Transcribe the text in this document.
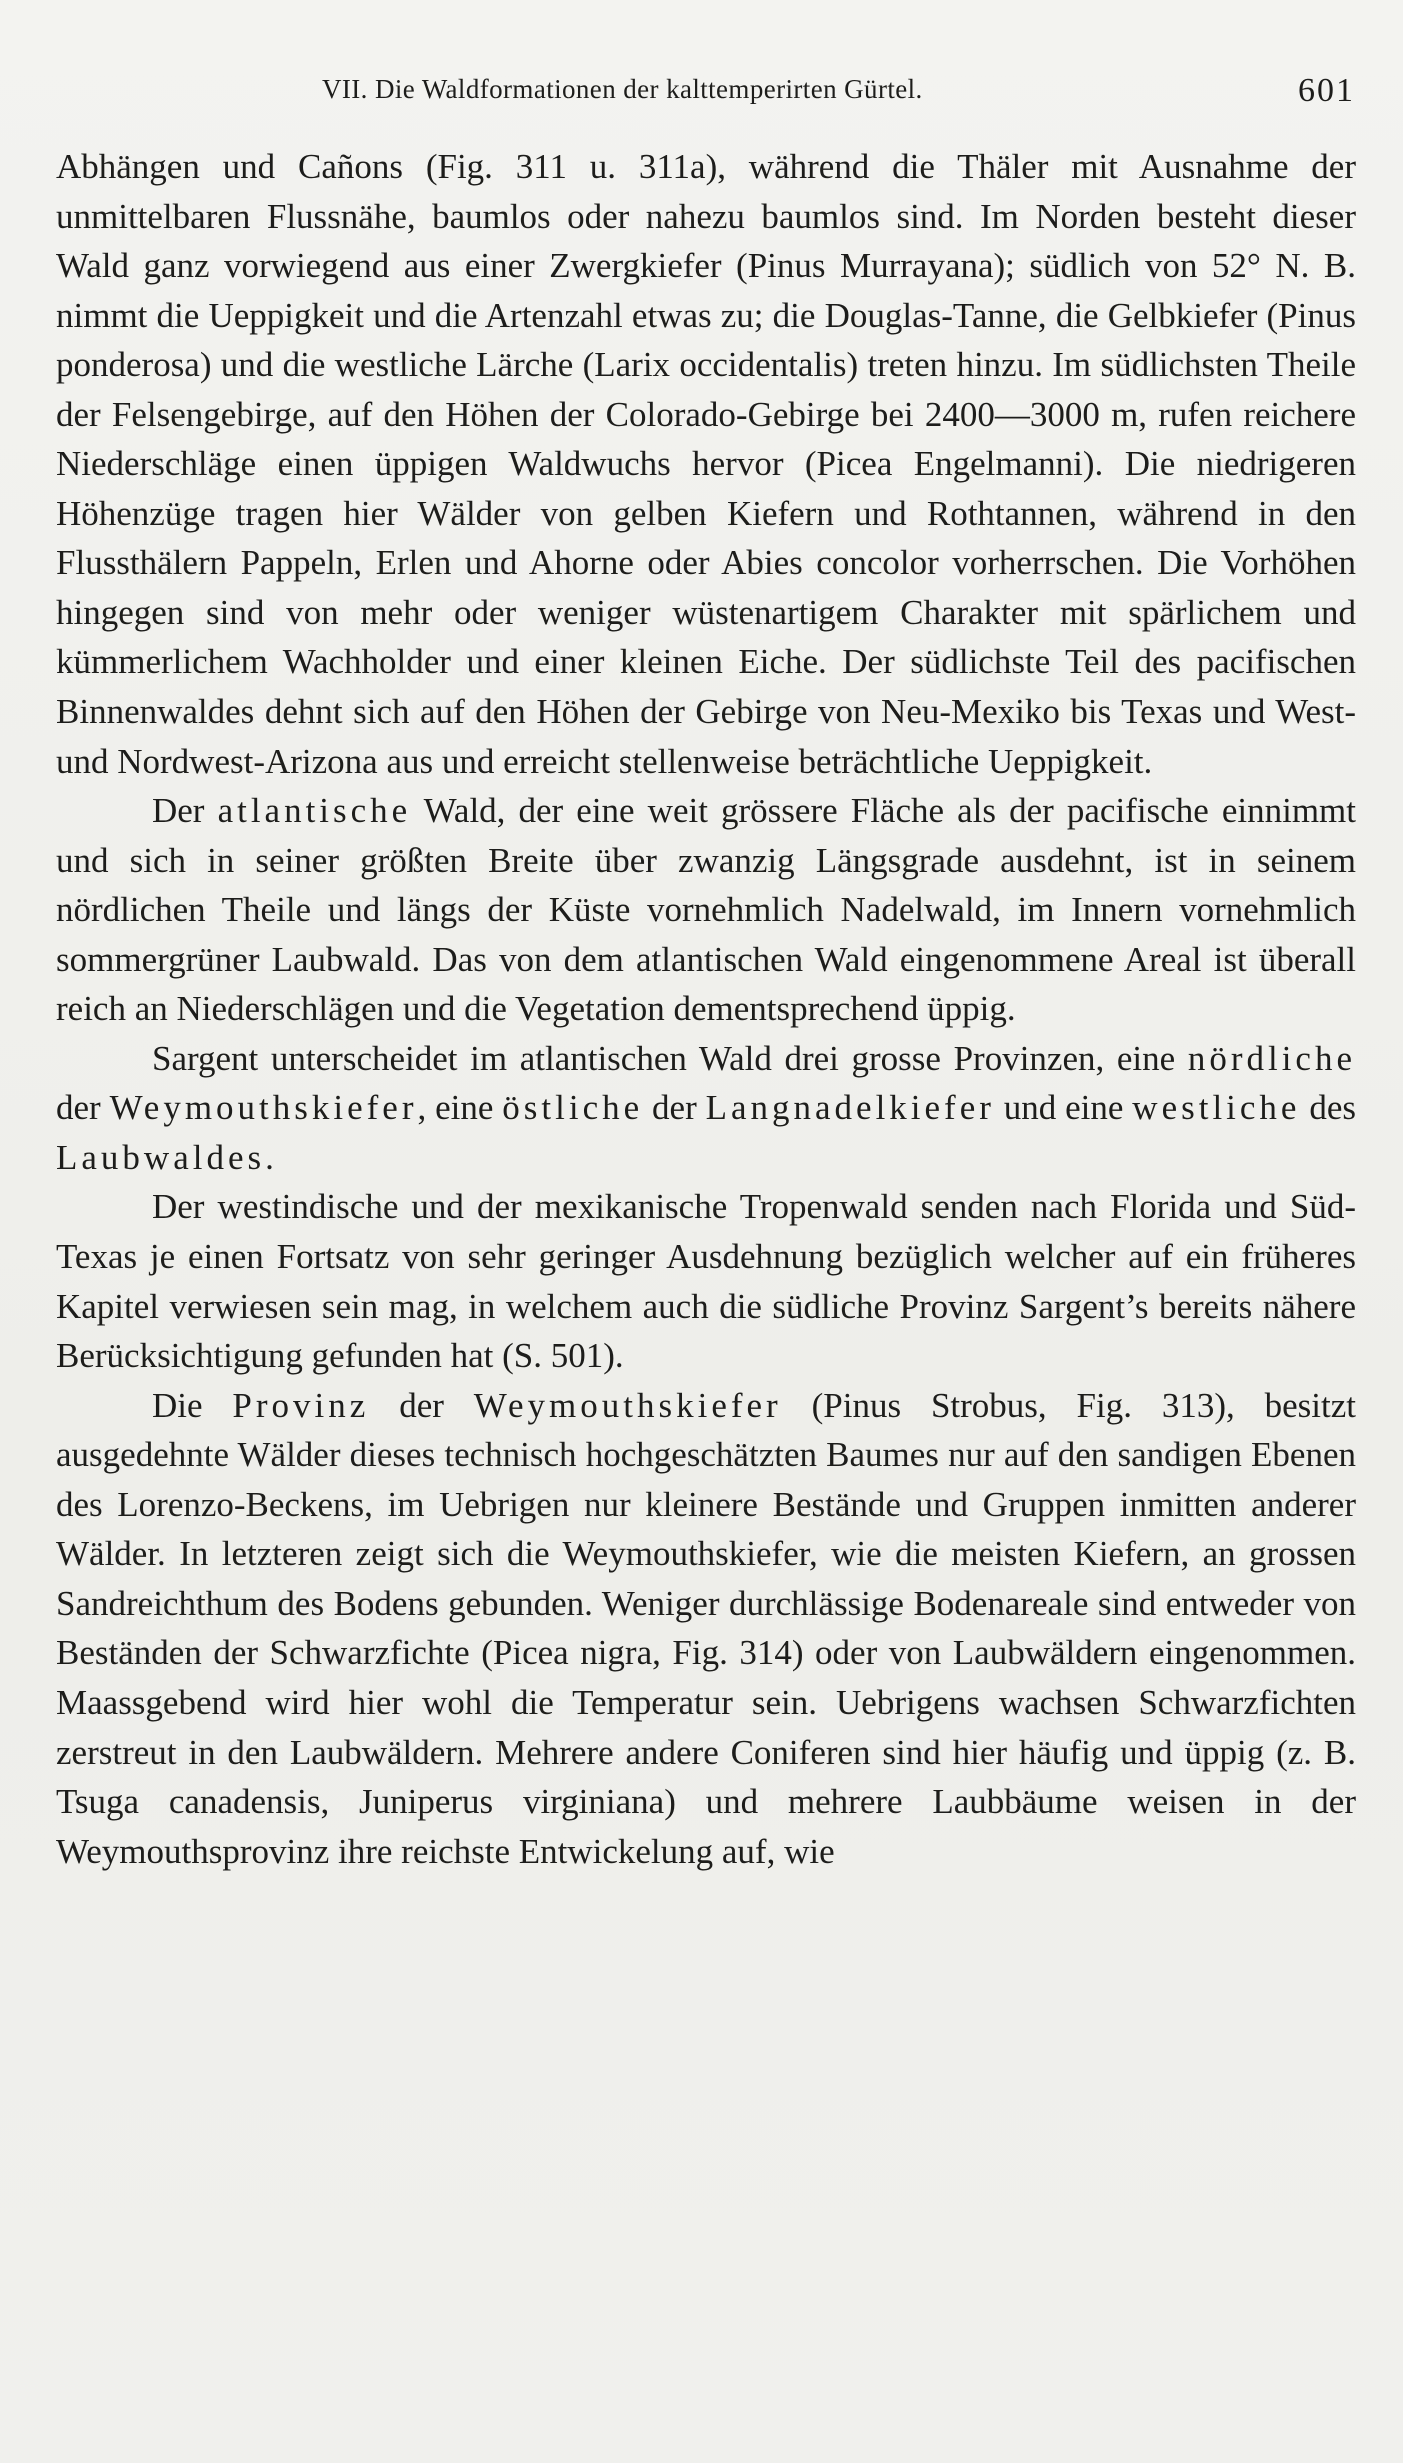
VII. Die Waldformationen der kalttemperirten Gürtel.	601

Abhängen und Cañons (Fig. 311 u. 311a), während die Thäler mit Ausnahme der unmittelbaren Flussnähe, baumlos oder nahezu baumlos sind. Im Norden besteht dieser Wald ganz vorwiegend aus einer Zwergkiefer (Pinus Murrayana); südlich von 52° N. B. nimmt die Ueppigkeit und die Artenzahl etwas zu; die Douglas-Tanne, die Gelbkiefer (Pinus ponderosa) und die westliche Lärche (Larix occidentalis) treten hinzu. Im südlichsten Theile der Felsengebirge, auf den Höhen der Colorado-Gebirge bei 2400—3000 m, rufen reichere Niederschläge einen üppigen Waldwuchs hervor (Picea Engelmanni). Die niedrigeren Höhenzüge tragen hier Wälder von gelben Kiefern und Rothtannen, während in den Flussthälern Pappeln, Erlen und Ahorne oder Abies concolor vorherrschen. Die Vorhöhen hingegen sind von mehr oder weniger wüstenartigem Charakter mit spärlichem und kümmerlichem Wachholder und einer kleinen Eiche. Der südlichste Teil des pacifischen Binnenwaldes dehnt sich auf den Höhen der Gebirge von Neu-Mexiko bis Texas und West- und Nordwest-Arizona aus und erreicht stellenweise beträchtliche Ueppigkeit.

Der atlantische Wald, der eine weit grössere Fläche als der pacifische einnimmt und sich in seiner größten Breite über zwanzig Längsgrade ausdehnt, ist in seinem nördlichen Theile und längs der Küste vornehmlich Nadelwald, im Innern vornehmlich sommergrüner Laubwald. Das von dem atlantischen Wald eingenommene Areal ist überall reich an Niederschlägen und die Vegetation dementsprechend üppig.

Sargent unterscheidet im atlantischen Wald drei grosse Provinzen, eine nördliche der Weymouthskiefer, eine östliche der Langnadelkiefer und eine westliche des Laubwaldes.

Der westindische und der mexikanische Tropenwald senden nach Florida und Süd-Texas je einen Fortsatz von sehr geringer Ausdehnung bezüglich welcher auf ein früheres Kapitel verwiesen sein mag, in welchem auch die südliche Provinz Sargent’s bereits nähere Berücksichtigung gefunden hat (S. 501).

Die Provinz der Weymouthskiefer (Pinus Strobus, Fig. 313), besitzt ausgedehnte Wälder dieses technisch hochgeschätzten Baumes nur auf den sandigen Ebenen des Lorenzo-Beckens, im Uebrigen nur kleinere Bestände und Gruppen inmitten anderer Wälder. In letzteren zeigt sich die Weymouthskiefer, wie die meisten Kiefern, an grossen Sandreichthum des Bodens gebunden. Weniger durchlässige Bodenareale sind entweder von Beständen der Schwarzfichte (Picea nigra, Fig. 314) oder von Laubwäldern eingenommen. Maassgebend wird hier wohl die Temperatur sein. Uebrigens wachsen Schwarzfichten zerstreut in den Laubwäldern. Mehrere andere Coniferen sind hier häufig und üppig (z. B. Tsuga canadensis, Juniperus virginiana) und mehrere Laubbäume weisen in der Weymouthsprovinz ihre reichste Entwickelung auf, wie
